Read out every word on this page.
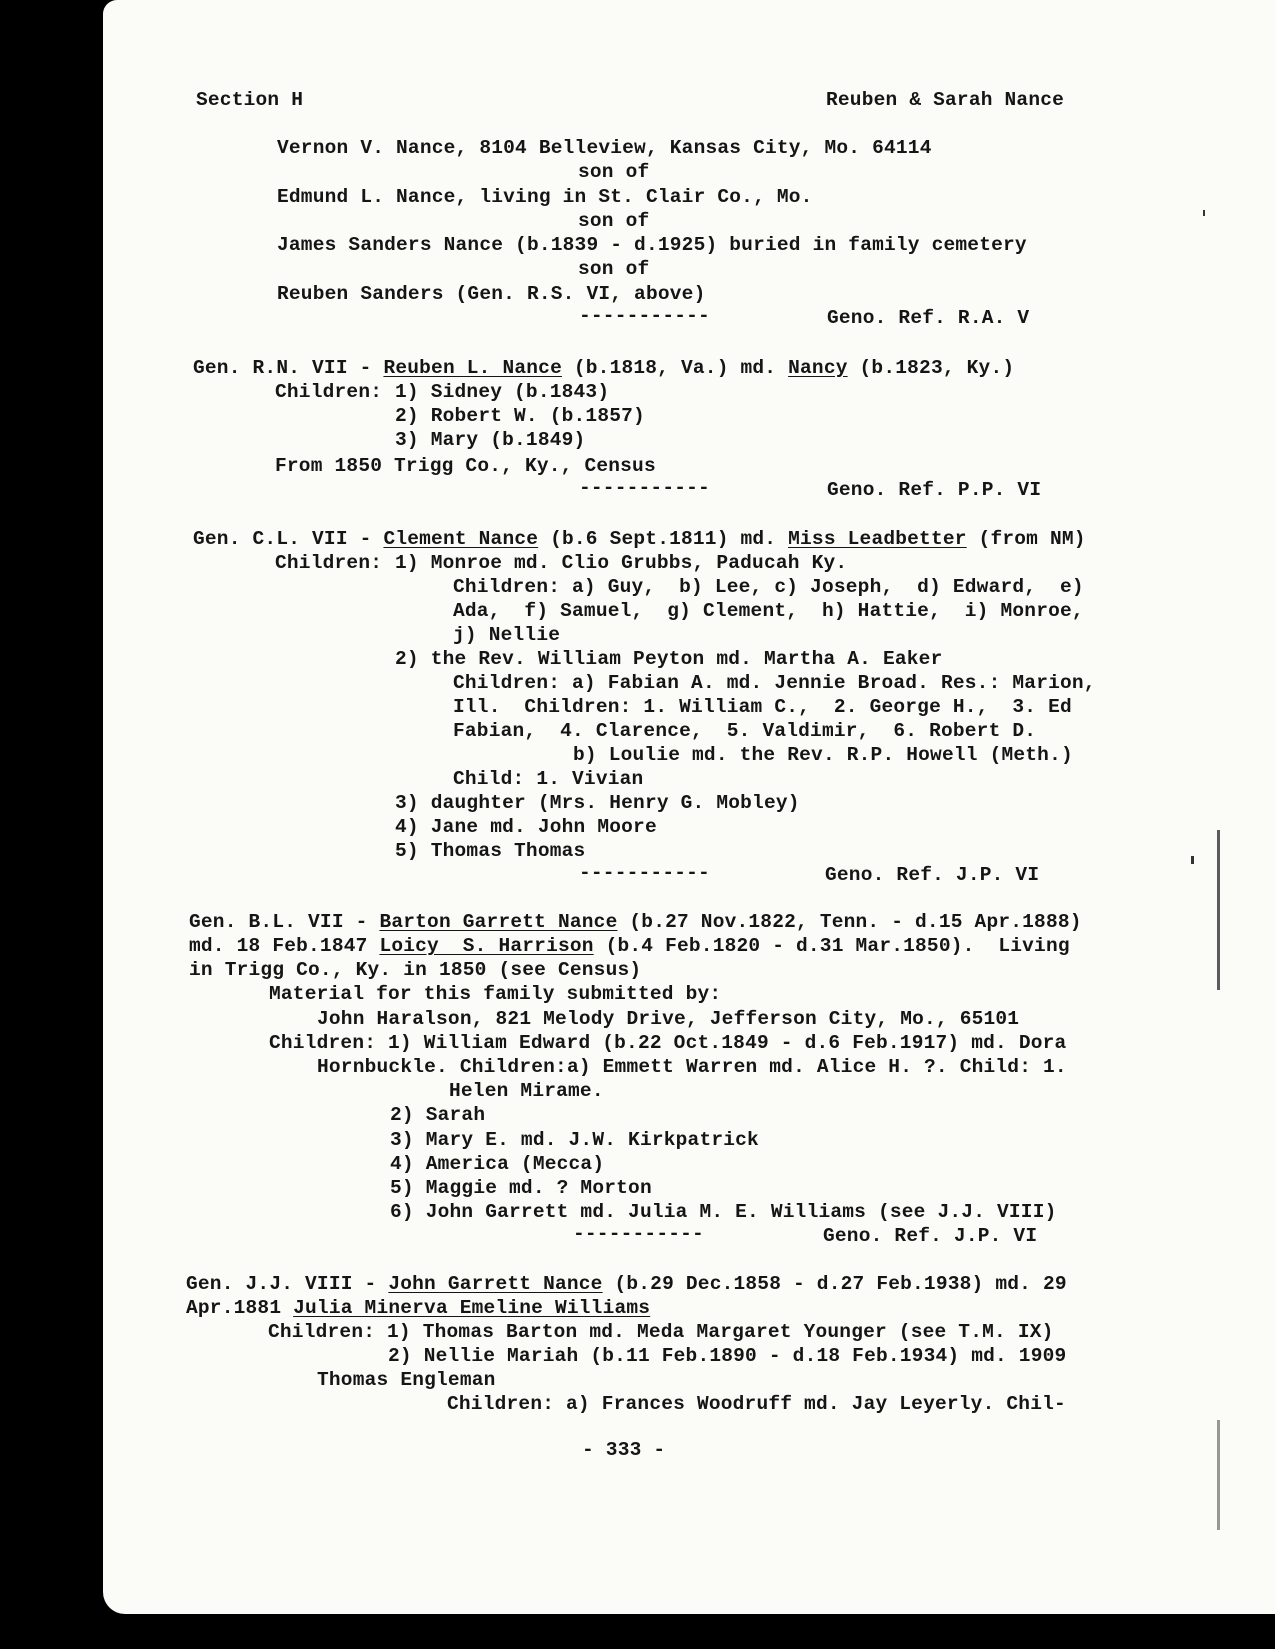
Section H	Reuben & Sarah Nance
Vernon V. Nance, 8104 Belleview, Kansas City, Mo. 64114
son of
Edmund L. Nance, living in St. Clair Co., Mo.
son of
James Sanders Nance (b.1839 - d.1925) buried in family cemetery
son of
Reuben Sanders (Gen. R.S. VI, above)
-----------	Geno. Ref. R.A. V
Gen. R.N. VII - Reuben L. Nance (b.1818, Va.) md. Nancy (b.1823, Ky.)
Children: 1) Sidney (b.1843)
2) Robert W. (b.1857)
3) Mary (b.1849)
From 1850 Trigg Co., Ky., Census
-----------	Geno. Ref. P.P. VI
Gen. C.L. VII - Clement Nance (b.6 Sept.1811) md. Miss Leadbetter (from NM)
Children: 1) Monroe md. Clio Grubbs, Paducah Ky.
Children: a) Guy,  b) Lee, c) Joseph,  d) Edward,  e)
Ada,  f) Samuel,  g) Clement,  h) Hattie,  i) Monroe,
j) Nellie
2) the Rev. William Peyton md. Martha A. Eaker
Children: a) Fabian A. md. Jennie Broad. Res.: Marion,
Ill.  Children: 1. William C.,  2. George H.,  3. Ed
Fabian,  4. Clarence,  5. Valdimir,  6. Robert D.
b) Loulie md. the Rev. R.P. Howell (Meth.)
Child: 1. Vivian
3) daughter (Mrs. Henry G. Mobley)
4) Jane md. John Moore
5) Thomas Thomas
-----------	Geno. Ref. J.P. VI
Gen. B.L. VII - Barton Garrett Nance (b.27 Nov.1822, Tenn. - d.15 Apr.1888)
md. 18 Feb.1847 Loicy  S. Harrison (b.4 Feb.1820 - d.31 Mar.1850).  Living
in Trigg Co., Ky. in 1850 (see Census)
Material for this family submitted by:
John Haralson, 821 Melody Drive, Jefferson City, Mo., 65101
Children: 1) William Edward (b.22 Oct.1849 - d.6 Feb.1917) md. Dora
Hornbuckle. Children:a) Emmett Warren md. Alice H. ?. Child: 1.
Helen Mirame.
2) Sarah
3) Mary E. md. J.W. Kirkpatrick
4) America (Mecca)
5) Maggie md. ? Morton
6) John Garrett md. Julia M. E. Williams (see J.J. VIII)
-----------	Geno. Ref. J.P. VI
Gen. J.J. VIII - John Garrett Nance (b.29 Dec.1858 - d.27 Feb.1938) md. 29
Apr.1881 Julia Minerva Emeline Williams
Children: 1) Thomas Barton md. Meda Margaret Younger (see T.M. IX)
2) Nellie Mariah (b.11 Feb.1890 - d.18 Feb.1934) md. 1909
Thomas Engleman
Children: a) Frances Woodruff md. Jay Leyerly. Chil-
- 333 -
